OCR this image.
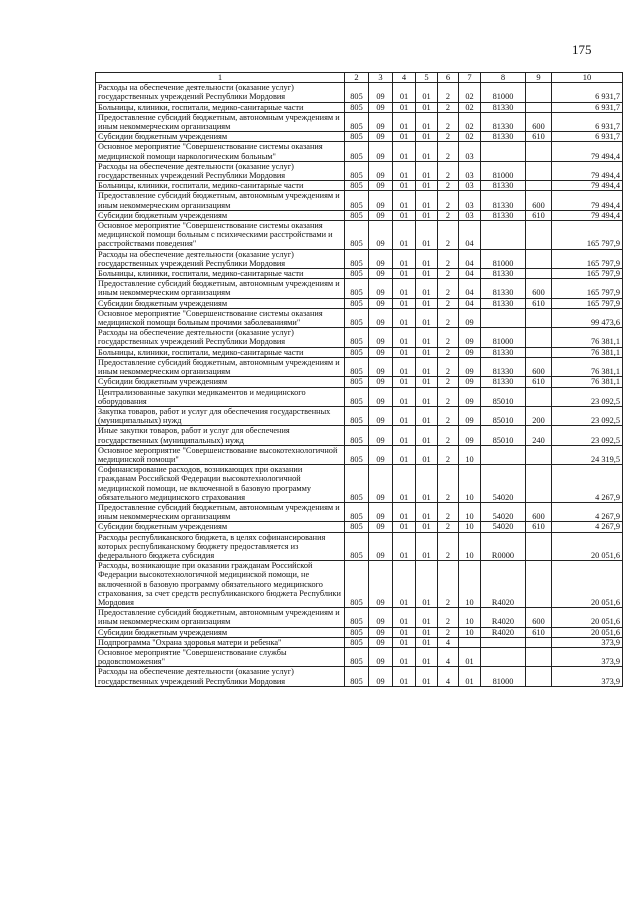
175
1	2	3	4	5	6	7	8	9	10
Расходы на обеспечение деятельности (оказание услуг) государственных учреждений Республики Мордовия	805	09	01	01	2	02	81000		6 931,7
Больницы, клиники, госпитали, медико-санитарные части	805	09	01	01	2	02	81330		6 931,7
Предоставление субсидий бюджетным, автономным учреждениям и иным некоммерческим организациям	805	09	01	01	2	02	81330	600	6 931,7
Субсидии бюджетным учреждениям	805	09	01	01	2	02	81330	610	6 931,7
Основное мероприятие "Совершенствование системы оказания медицинской помощи наркологическим больным"	805	09	01	01	2	03			79 494,4
Расходы на обеспечение деятельности (оказание услуг) государственных учреждений Республики Мордовия	805	09	01	01	2	03	81000		79 494,4
Больницы, клиники, госпитали, медико-санитарные части	805	09	01	01	2	03	81330		79 494,4
Предоставление субсидий бюджетным, автономным учреждениям и иным некоммерческим организациям	805	09	01	01	2	03	81330	600	79 494,4
Субсидии бюджетным учреждениям	805	09	01	01	2	03	81330	610	79 494,4
Основное мероприятие "Совершенствование системы оказания медицинской помощи больным с психическими расстройствами и расстройствами поведения"	805	09	01	01	2	04			165 797,9
Расходы на обеспечение деятельности (оказание услуг) государственных учреждений Республики Мордовия	805	09	01	01	2	04	81000		165 797,9
Больницы, клиники, госпитали, медико-санитарные части	805	09	01	01	2	04	81330		165 797,9
Предоставление субсидий бюджетным, автономным учреждениям и иным некоммерческим организациям	805	09	01	01	2	04	81330	600	165 797,9
Субсидии бюджетным учреждениям	805	09	01	01	2	04	81330	610	165 797,9
Основное мероприятие "Совершенствование системы оказания медицинской помощи больным прочими заболеваниями"	805	09	01	01	2	09			99 473,6
Расходы на обеспечение деятельности (оказание услуг) государственных учреждений Республики Мордовия	805	09	01	01	2	09	81000		76 381,1
Больницы, клиники, госпитали, медико-санитарные части	805	09	01	01	2	09	81330		76 381,1
Предоставление субсидий бюджетным, автономным учреждениям и иным некоммерческим организациям	805	09	01	01	2	09	81330	600	76 381,1
Субсидии бюджетным учреждениям	805	09	01	01	2	09	81330	610	76 381,1
Централизованные закупки медикаментов и медицинского оборудования	805	09	01	01	2	09	85010		23 092,5
Закупка товаров, работ и услуг для обеспечения государственных (муниципальных) нужд	805	09	01	01	2	09	85010	200	23 092,5
Иные закупки товаров, работ и услуг для обеспечения государственных (муниципальных) нужд	805	09	01	01	2	09	85010	240	23 092,5
Основное мероприятие "Совершенствование высокотехнологичной медицинской помощи"	805	09	01	01	2	10			24 319,5
Софинансирование расходов, возникающих при оказании гражданам Российской Федерации высокотехнологичной медицинской помощи, не включенной в базовую программу обязательного медицинского страхования	805	09	01	01	2	10	54020		4 267,9
Предоставление субсидий бюджетным, автономным учреждениям и иным некоммерческим организациям	805	09	01	01	2	10	54020	600	4 267,9
Субсидии бюджетным учреждениям	805	09	01	01	2	10	54020	610	4 267,9
Расходы республиканского бюджета, в целях софинансирования которых республиканскому бюджету предоставляется из федерального бюджета субсидия	805	09	01	01	2	10	R0000		20 051,6
Расходы, возникающие при оказании гражданам Российской Федерации высокотехнологичной медицинской помощи, не включенной в базовую программу обязательного медицинского страхования, за счет средств республиканского бюджета Республики Мордовия	805	09	01	01	2	10	R4020		20 051,6
Предоставление субсидий бюджетным, автономным учреждениям и иным некоммерческим организациям	805	09	01	01	2	10	R4020	600	20 051,6
Субсидии бюджетным учреждениям	805	09	01	01	2	10	R4020	610	20 051,6
Подпрограмма "Охрана здоровья матери и ребенка"	805	09	01	01	4				373,9
Основное мероприятие "Совершенствование службы родовспоможения"	805	09	01	01	4	01			373,9
Расходы на обеспечение деятельности (оказание услуг) государственных учреждений Республики Мордовия	805	09	01	01	4	01	81000		373,9
